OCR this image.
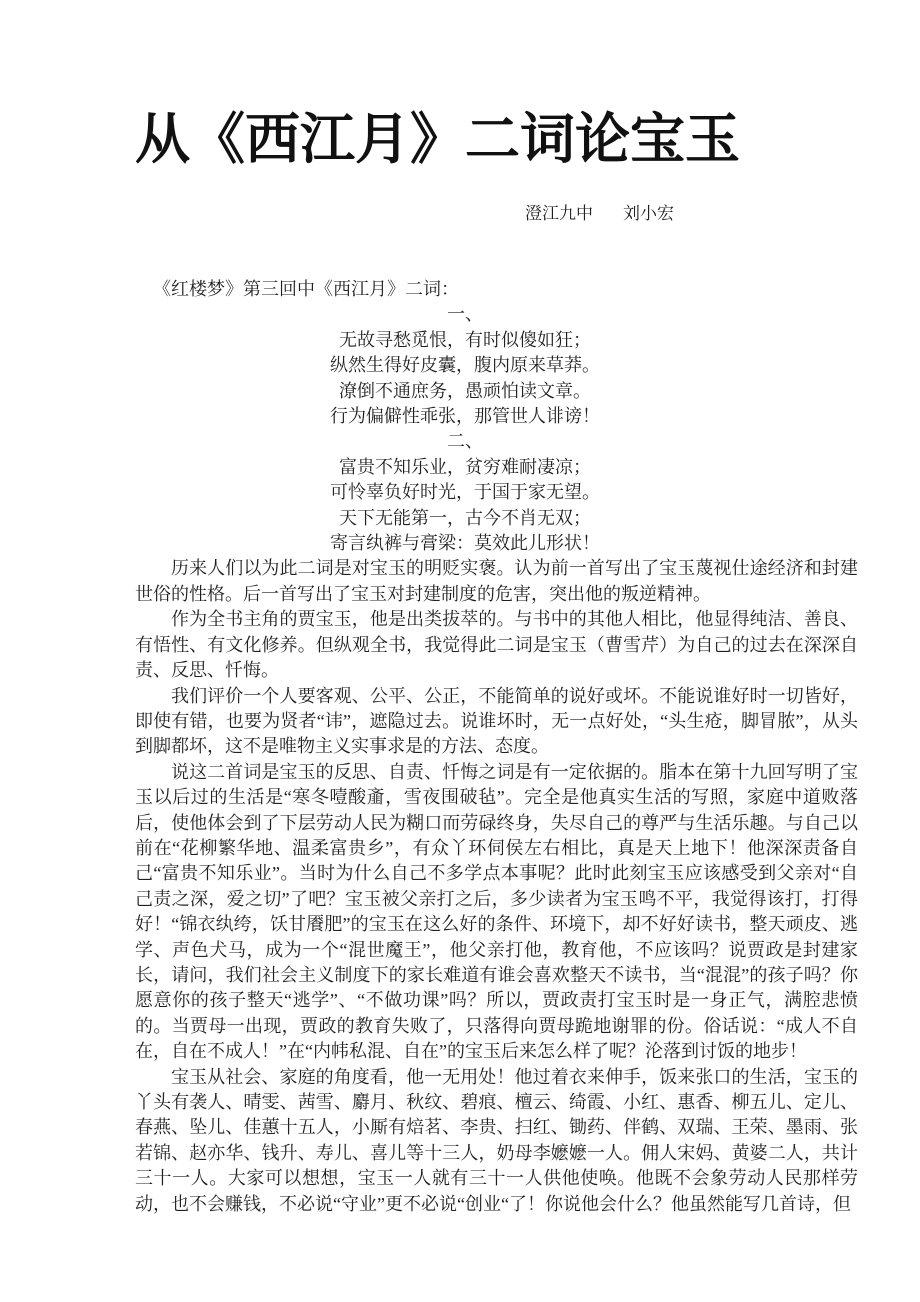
从《西江月》二词论宝玉
澄江九中 刘小宏

《红楼梦》第三回中《西江月》二词：

一、
无故寻愁觅恨，有时似傻如狂；
纵然生得好皮囊，腹内原来草莽。
潦倒不通庶务，愚顽怕读文章。
行为偏僻性乖张，那管世人诽谤！
二、
富贵不知乐业，贫穷难耐凄凉；
可怜辜负好时光，于国于家无望。
天下无能第一，古今不肖无双；
寄言纨裤与膏梁：莫效此儿形状！

历来人们以为此二词是对宝玉的明贬实褒。认为前一首写出了宝玉蔑视仕途经济和封建世俗的性格。后一首写出了宝玉对封建制度的危害，突出他的叛逆精神。

作为全书主角的贾宝玉，他是出类拔萃的。与书中的其他人相比，他显得纯洁、善良、有悟性、有文化修养。但纵观全书，我觉得此二词是宝玉（曹雪芹）为自己的过去在深深自责、反思、忏悔。

我们评价一个人要客观、公平、公正，不能简单的说好或坏。不能说谁好时一切皆好，即使有错，也要为贤者“讳”，遮隐过去。说谁坏时，无一点好处，“头生疮，脚冒脓”，从头到脚都坏，这不是唯物主义实事求是的方法、态度。

说这二首词是宝玉的反思、自责、忏悔之词是有一定依据的。脂本在第十九回写明了宝玉以后过的生活是“寒冬噎酸齑，雪夜围破毡”。完全是他真实生活的写照，家庭中道败落后，使他体会到了下层劳动人民为糊口而劳碌终身，失尽自己的尊严与生活乐趣。与自己以前在“花柳繁华地、温柔富贵乡”，有众丫环伺侯左右相比，真是天上地下！他深深责备自己“富贵不知乐业”。当时为什么自己不多学点本事呢？此时此刻宝玉应该感受到父亲对“自己责之深，爱之切”了吧？宝玉被父亲打之后，多少读者为宝玉鸣不平，我觉得该打，打得好！“锦衣纨绔，饫甘餍肥”的宝玉在这么好的条件、环境下，却不好好读书，整天顽皮、逃学、声色犬马，成为一个“混世魔王”，他父亲打他，教育他，不应该吗？说贾政是封建家长，请问，我们社会主义制度下的家长难道有谁会喜欢整天不读书，当“混混”的孩子吗？你愿意你的孩子整天“逃学”、“不做功课”吗？所以，贾政责打宝玉时是一身正气，满腔悲愤的。当贾母一出现，贾政的教育失败了，只落得向贾母跪地谢罪的份。俗话说：“成人不自在，自在不成人！”在“内帏私混、自在”的宝玉后来怎么样了呢？沦落到讨饭的地步！

宝玉从社会、家庭的角度看，他一无用处！他过着衣来伸手，饭来张口的生活，宝玉的丫头有袭人、晴雯、茜雪、麝月、秋纹、碧痕、檀云、绮霞、小红、惠香、柳五儿、定儿、春燕、坠儿、佳蕙十五人，小厮有焙茗、李贵、扫红、锄药、伴鹤、双瑞、王荣、墨雨、张若锦、赵亦华、钱升、寿儿、喜儿等十三人，奶母李嬷嬷一人。佣人宋妈、黄婆二人，共计三十一人。大家可以想想，宝玉一人就有三十一人供他使唤。他既不会象劳动人民那样劳动，也不会赚钱，不必说“守业”更不必说“创业“了！你说他会什么？他虽然能写几首诗，但
